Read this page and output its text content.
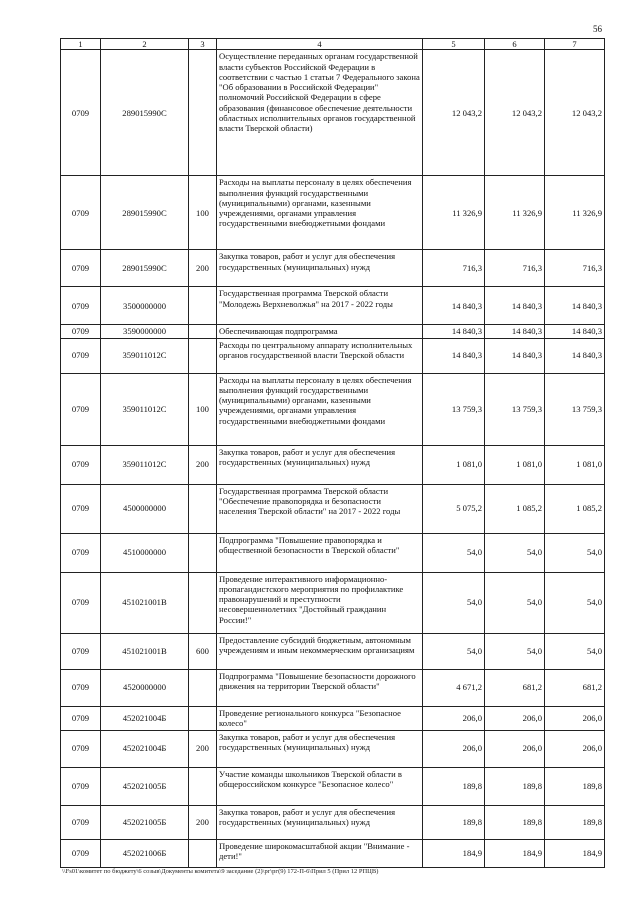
56
1	2	3	4	5	6	7
0709	289015990С		Осуществление переданных органам государственной власти субъектов Российской Федерации в соответствии с частью 1 статьи 7 Федерального закона "Об образовании в Российской Федерации" полномочий Российской Федерации в сфере образования (финансовое обеспечение деятельности областных исполнительных органов государственной власти Тверской области)	12 043,2	12 043,2	12 043,2
0709	289015990С	100	Расходы на выплаты персоналу в целях обеспечения выполнения функций государственными (муниципальными) органами, казенными учреждениями, органами управления государственными внебюджетными фондами	11 326,9	11 326,9	11 326,9
0709	289015990С	200	Закупка товаров, работ и услуг для обеспечения государственных (муниципальных) нужд	716,3	716,3	716,3
0709	3500000000		Государственная программа Тверской области "Молодежь Верхневолжья" на 2017 - 2022 годы	14 840,3	14 840,3	14 840,3
0709	3590000000		Обеспечивающая подпрограмма	14 840,3	14 840,3	14 840,3
0709	359011012С		Расходы по центральному аппарату исполнительных органов государственной власти Тверской области	14 840,3	14 840,3	14 840,3
0709	359011012С	100	Расходы на выплаты персоналу в целях обеспечения выполнения функций государственными (муниципальными) органами, казенными учреждениями, органами управления государственными внебюджетными фондами	13 759,3	13 759,3	13 759,3
0709	359011012С	200	Закупка товаров, работ и услуг для обеспечения государственных (муниципальных) нужд	1 081,0	1 081,0	1 081,0
0709	4500000000		Государственная программа Тверской области "Обеспечение правопорядка и безопасности населения Тверской области" на 2017 - 2022 годы	5 075,2	1 085,2	1 085,2
0709	4510000000		Подпрограмма "Повышение правопорядка и общественной безопасности в Тверской области"	54,0	54,0	54,0
0709	451021001В		Проведение интерактивного информационно-пропагандистского мероприятия по профилактике правонарушений и преступности несовершеннолетних "Достойный гражданин России!"	54,0	54,0	54,0
0709	451021001В	600	Предоставление субсидий бюджетным, автономным учреждениям и иным некоммерческим организациям	54,0	54,0	54,0
0709	4520000000		Подпрограмма "Повышение безопасности дорожного движения на территории Тверской области"	4 671,2	681,2	681,2
0709	452021004Б		Проведение регионального конкурса "Безопасное колесо"	206,0	206,0	206,0
0709	452021004Б	200	Закупка товаров, работ и услуг для обеспечения государственных (муниципальных) нужд	206,0	206,0	206,0
0709	452021005Б		Участие команды школьников Тверской области в общероссийском конкурсе "Безопасное колесо"	189,8	189,8	189,8
0709	452021005Б	200	Закупка товаров, работ и услуг для обеспечения государственных (муниципальных) нужд	189,8	189,8	189,8
0709	452021006Б		Проведение широкомасштабной акции "Внимание - дети!"	184,9	184,9	184,9
\\Fs01\комитет по бюджету\6 созыв\Документы комитета\9 заседание (2)\рг\рг(9) 172-П-6\Прил 5 (Прил 12 РПЦВ)
